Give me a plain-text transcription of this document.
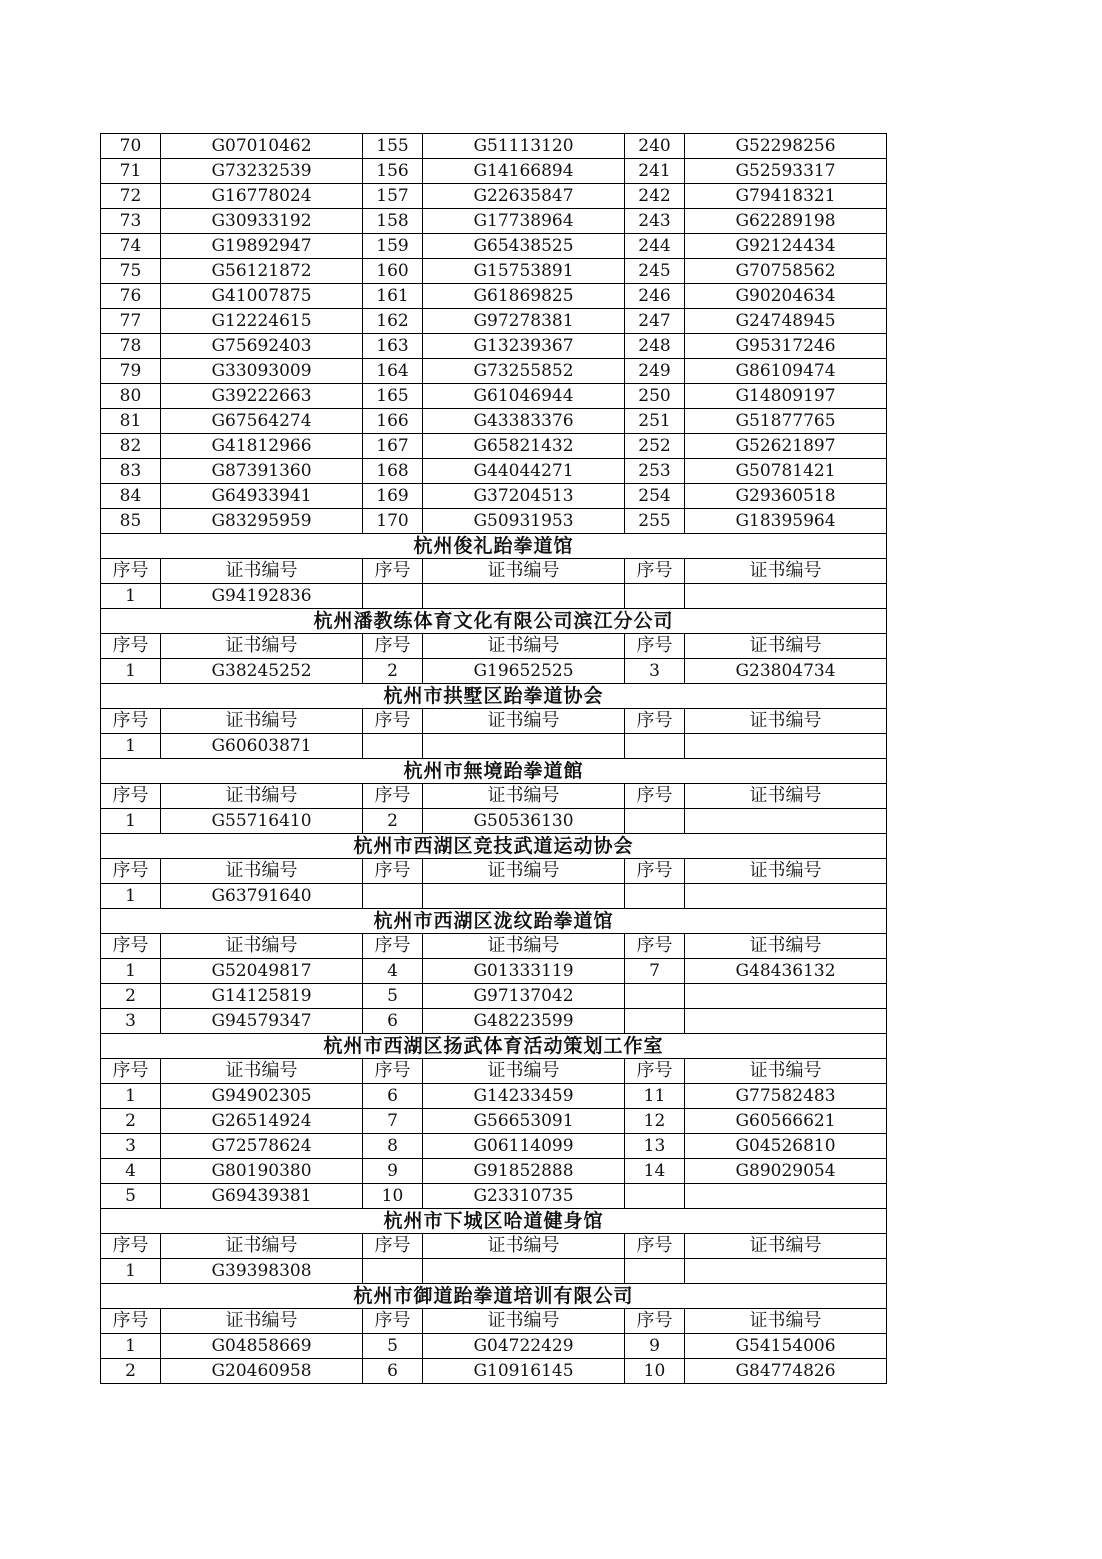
70	G07010462	155	G51113120	240	G52298256
71	G73232539	156	G14166894	241	G52593317
72	G16778024	157	G22635847	242	G79418321
73	G30933192	158	G17738964	243	G62289198
74	G19892947	159	G65438525	244	G92124434
75	G56121872	160	G15753891	245	G70758562
76	G41007875	161	G61869825	246	G90204634
77	G12224615	162	G97278381	247	G24748945
78	G75692403	163	G13239367	248	G95317246
79	G33093009	164	G73255852	249	G86109474
80	G39222663	165	G61046944	250	G14809197
81	G67564274	166	G43383376	251	G51877765
82	G41812966	167	G65821432	252	G52621897
83	G87391360	168	G44044271	253	G50781421
84	G64933941	169	G37204513	254	G29360518
85	G83295959	170	G50931953	255	G18395964
杭州俊礼跆拳道馆					
序号	证书编号	序号	证书编号	序号	证书编号
1	G94192836				
杭州潘教练体育文化有限公司滨江分公司					
序号	证书编号	序号	证书编号	序号	证书编号
1	G38245252	2	G19652525	3	G23804734
杭州市拱墅区跆拳道协会					
序号	证书编号	序号	证书编号	序号	证书编号
1	G60603871				
杭州市無境跆拳道館					
序号	证书编号	序号	证书编号	序号	证书编号
1	G55716410	2	G50536130		
杭州市西湖区竞技武道运动协会					
序号	证书编号	序号	证书编号	序号	证书编号
1	G63791640				
杭州市西湖区泷纹跆拳道馆					
序号	证书编号	序号	证书编号	序号	证书编号
1	G52049817	4	G01333119	7	G48436132
2	G14125819	5	G97137042		
3	G94579347	6	G48223599		
杭州市西湖区扬武体育活动策划工作室					
序号	证书编号	序号	证书编号	序号	证书编号
1	G94902305	6	G14233459	11	G77582483
2	G26514924	7	G56653091	12	G60566621
3	G72578624	8	G06114099	13	G04526810
4	G80190380	9	G91852888	14	G89029054
5	G69439381	10	G23310735		
杭州市下城区哈道健身馆					
序号	证书编号	序号	证书编号	序号	证书编号
1	G39398308				
杭州市御道跆拳道培训有限公司					
序号	证书编号	序号	证书编号	序号	证书编号
1	G04858669	5	G04722429	9	G54154006
2	G20460958	6	G10916145	10	G84774826
